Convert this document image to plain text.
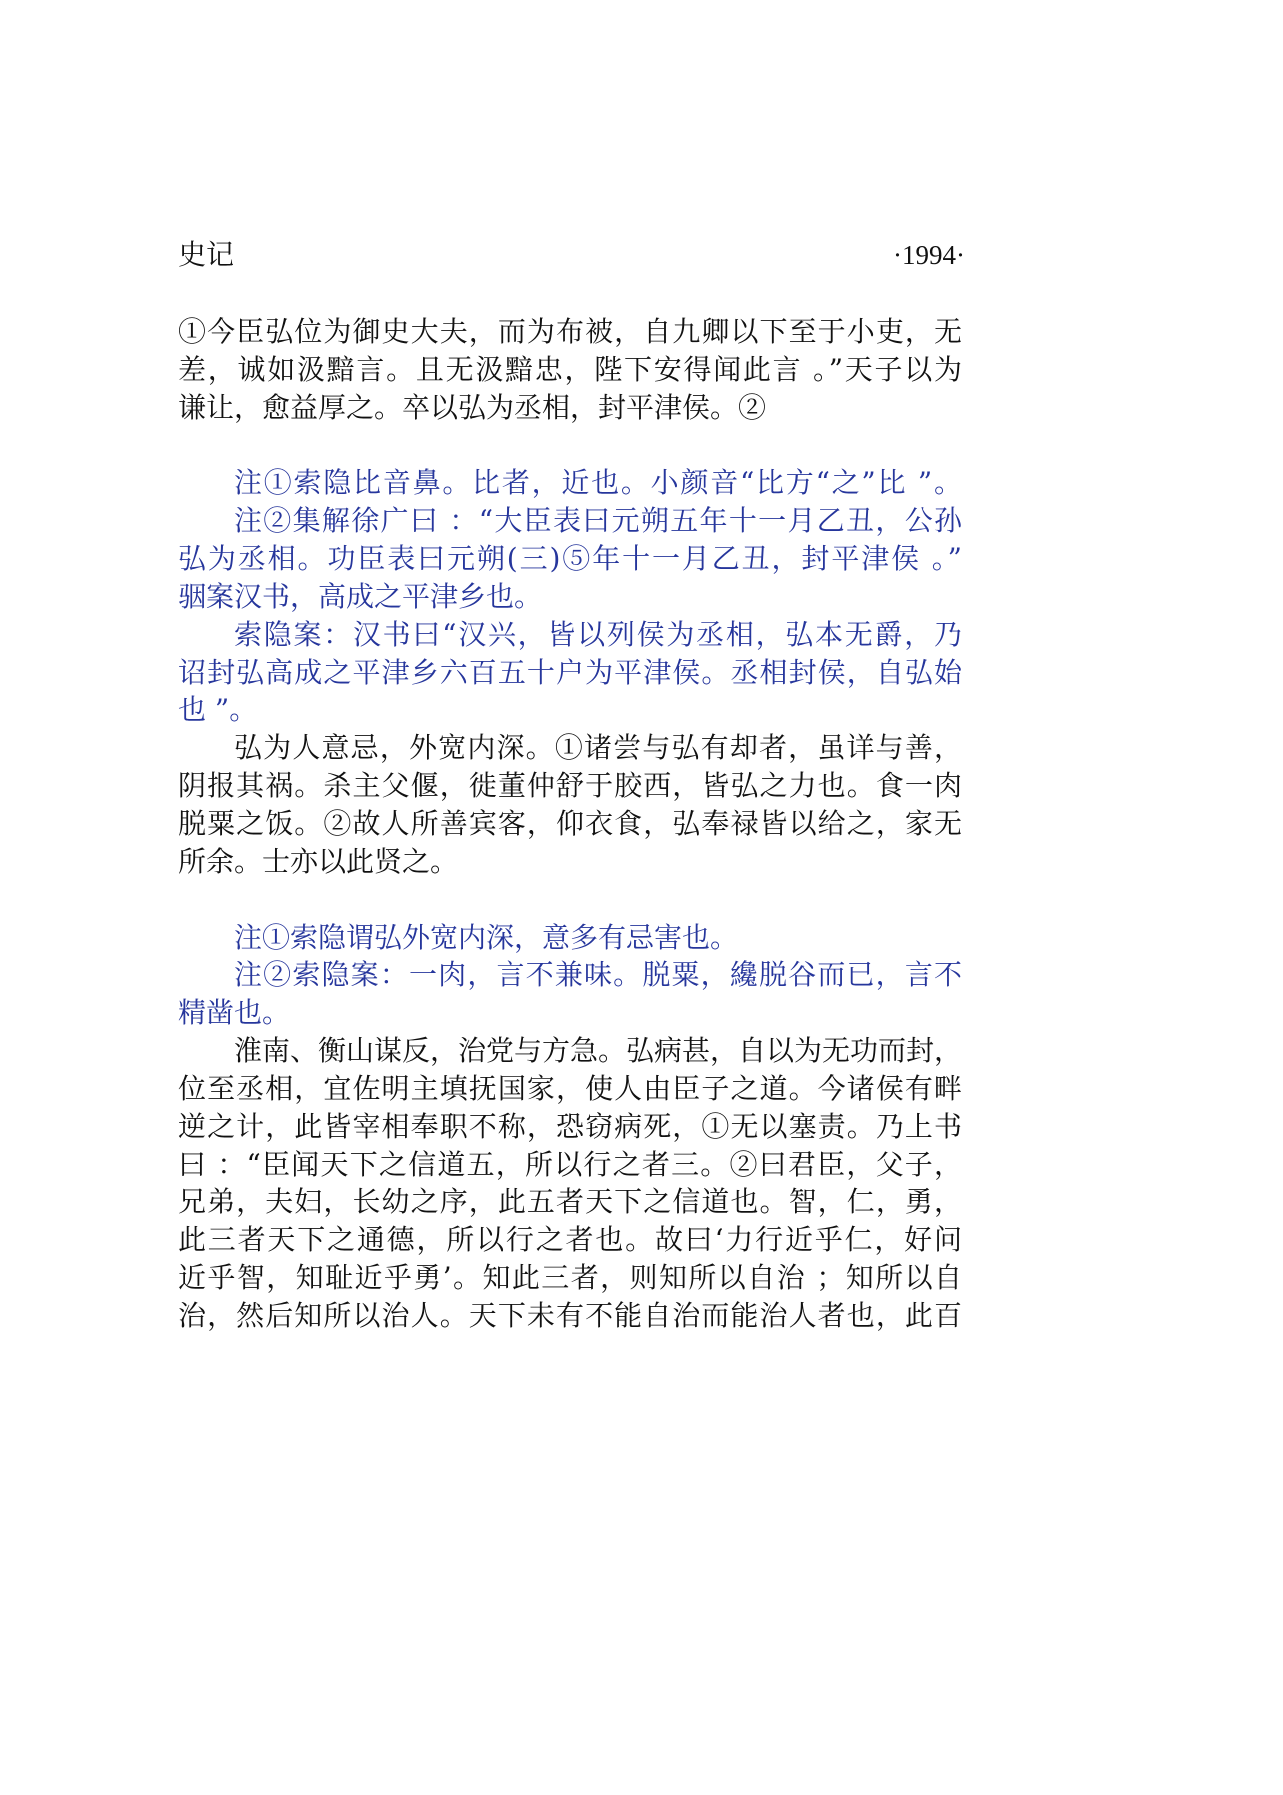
史记	·1994·
①今臣弘位为御史大夫，而为布被，自九卿以下至于小吏，无
差，诚如汲黯言。且无汲黯忠，陛下安得闻此言 。”天子以为
谦让，愈益厚之。卒以弘为丞相，封平津侯。②
注①索隐比音鼻。比者，近也。小颜音“比方“之”比 ”。
注②集解徐广曰 ：“大臣表曰元朔五年十一月乙丑，公孙
弘为丞相。功臣表曰元朔(三)⑤年十一月乙丑，封平津侯 。”
骃案汉书，高成之平津乡也。
索隐案：汉书曰“汉兴，皆以列侯为丞相，弘本无爵，乃
诏封弘高成之平津乡六百五十户为平津侯。丞相封侯，自弘始
也 ”。
弘为人意忌，外宽内深。①诸尝与弘有却者，虽详与善，
阴报其祸。杀主父偃，徙董仲舒于胶西，皆弘之力也。食一肉
脱粟之饭。②故人所善宾客，仰衣食，弘奉禄皆以给之，家无
所余。士亦以此贤之。
注①索隐谓弘外宽内深，意多有忌害也。
注②索隐案：一肉，言不兼味。脱粟，纔脱谷而已，言不
精凿也。
淮南、衡山谋反，治党与方急。弘病甚，自以为无功而封，
位至丞相，宜佐明主填抚国家，使人由臣子之道。今诸侯有畔
逆之计，此皆宰相奉职不称，恐窃病死，①无以塞责。乃上书
曰 ：“臣闻天下之信道五，所以行之者三。②曰君臣，父子，
兄弟，夫妇，长幼之序，此五者天下之信道也。智，仁，勇，
此三者天下之通德，所以行之者也。故曰‘力行近乎仁，好问
近乎智，知耻近乎勇’。知此三者，则知所以自治 ；知所以自
治，然后知所以治人。天下未有不能自治而能治人者也，此百
